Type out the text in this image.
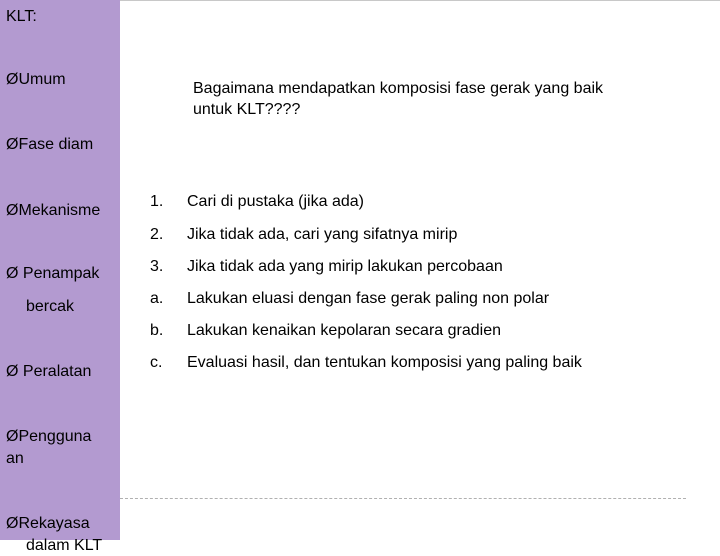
KLT:
ØUmum
ØFase diam
ØMekanisme
Ø Penampak
bercak
Ø Peralatan
ØPengguna
an
ØRekayasa
dalam KLT
Bagaimana mendapatkan komposisi fase gerak yang baik untuk KLT????
1. Cari di pustaka (jika ada)
2. Jika tidak ada, cari yang sifatnya mirip
3. Jika tidak ada yang mirip lakukan percobaan
a. Lakukan eluasi dengan fase gerak paling non polar
b. Lakukan kenaikan kepolaran secara gradien
c. Evaluasi hasil, dan tentukan komposisi yang paling baik
